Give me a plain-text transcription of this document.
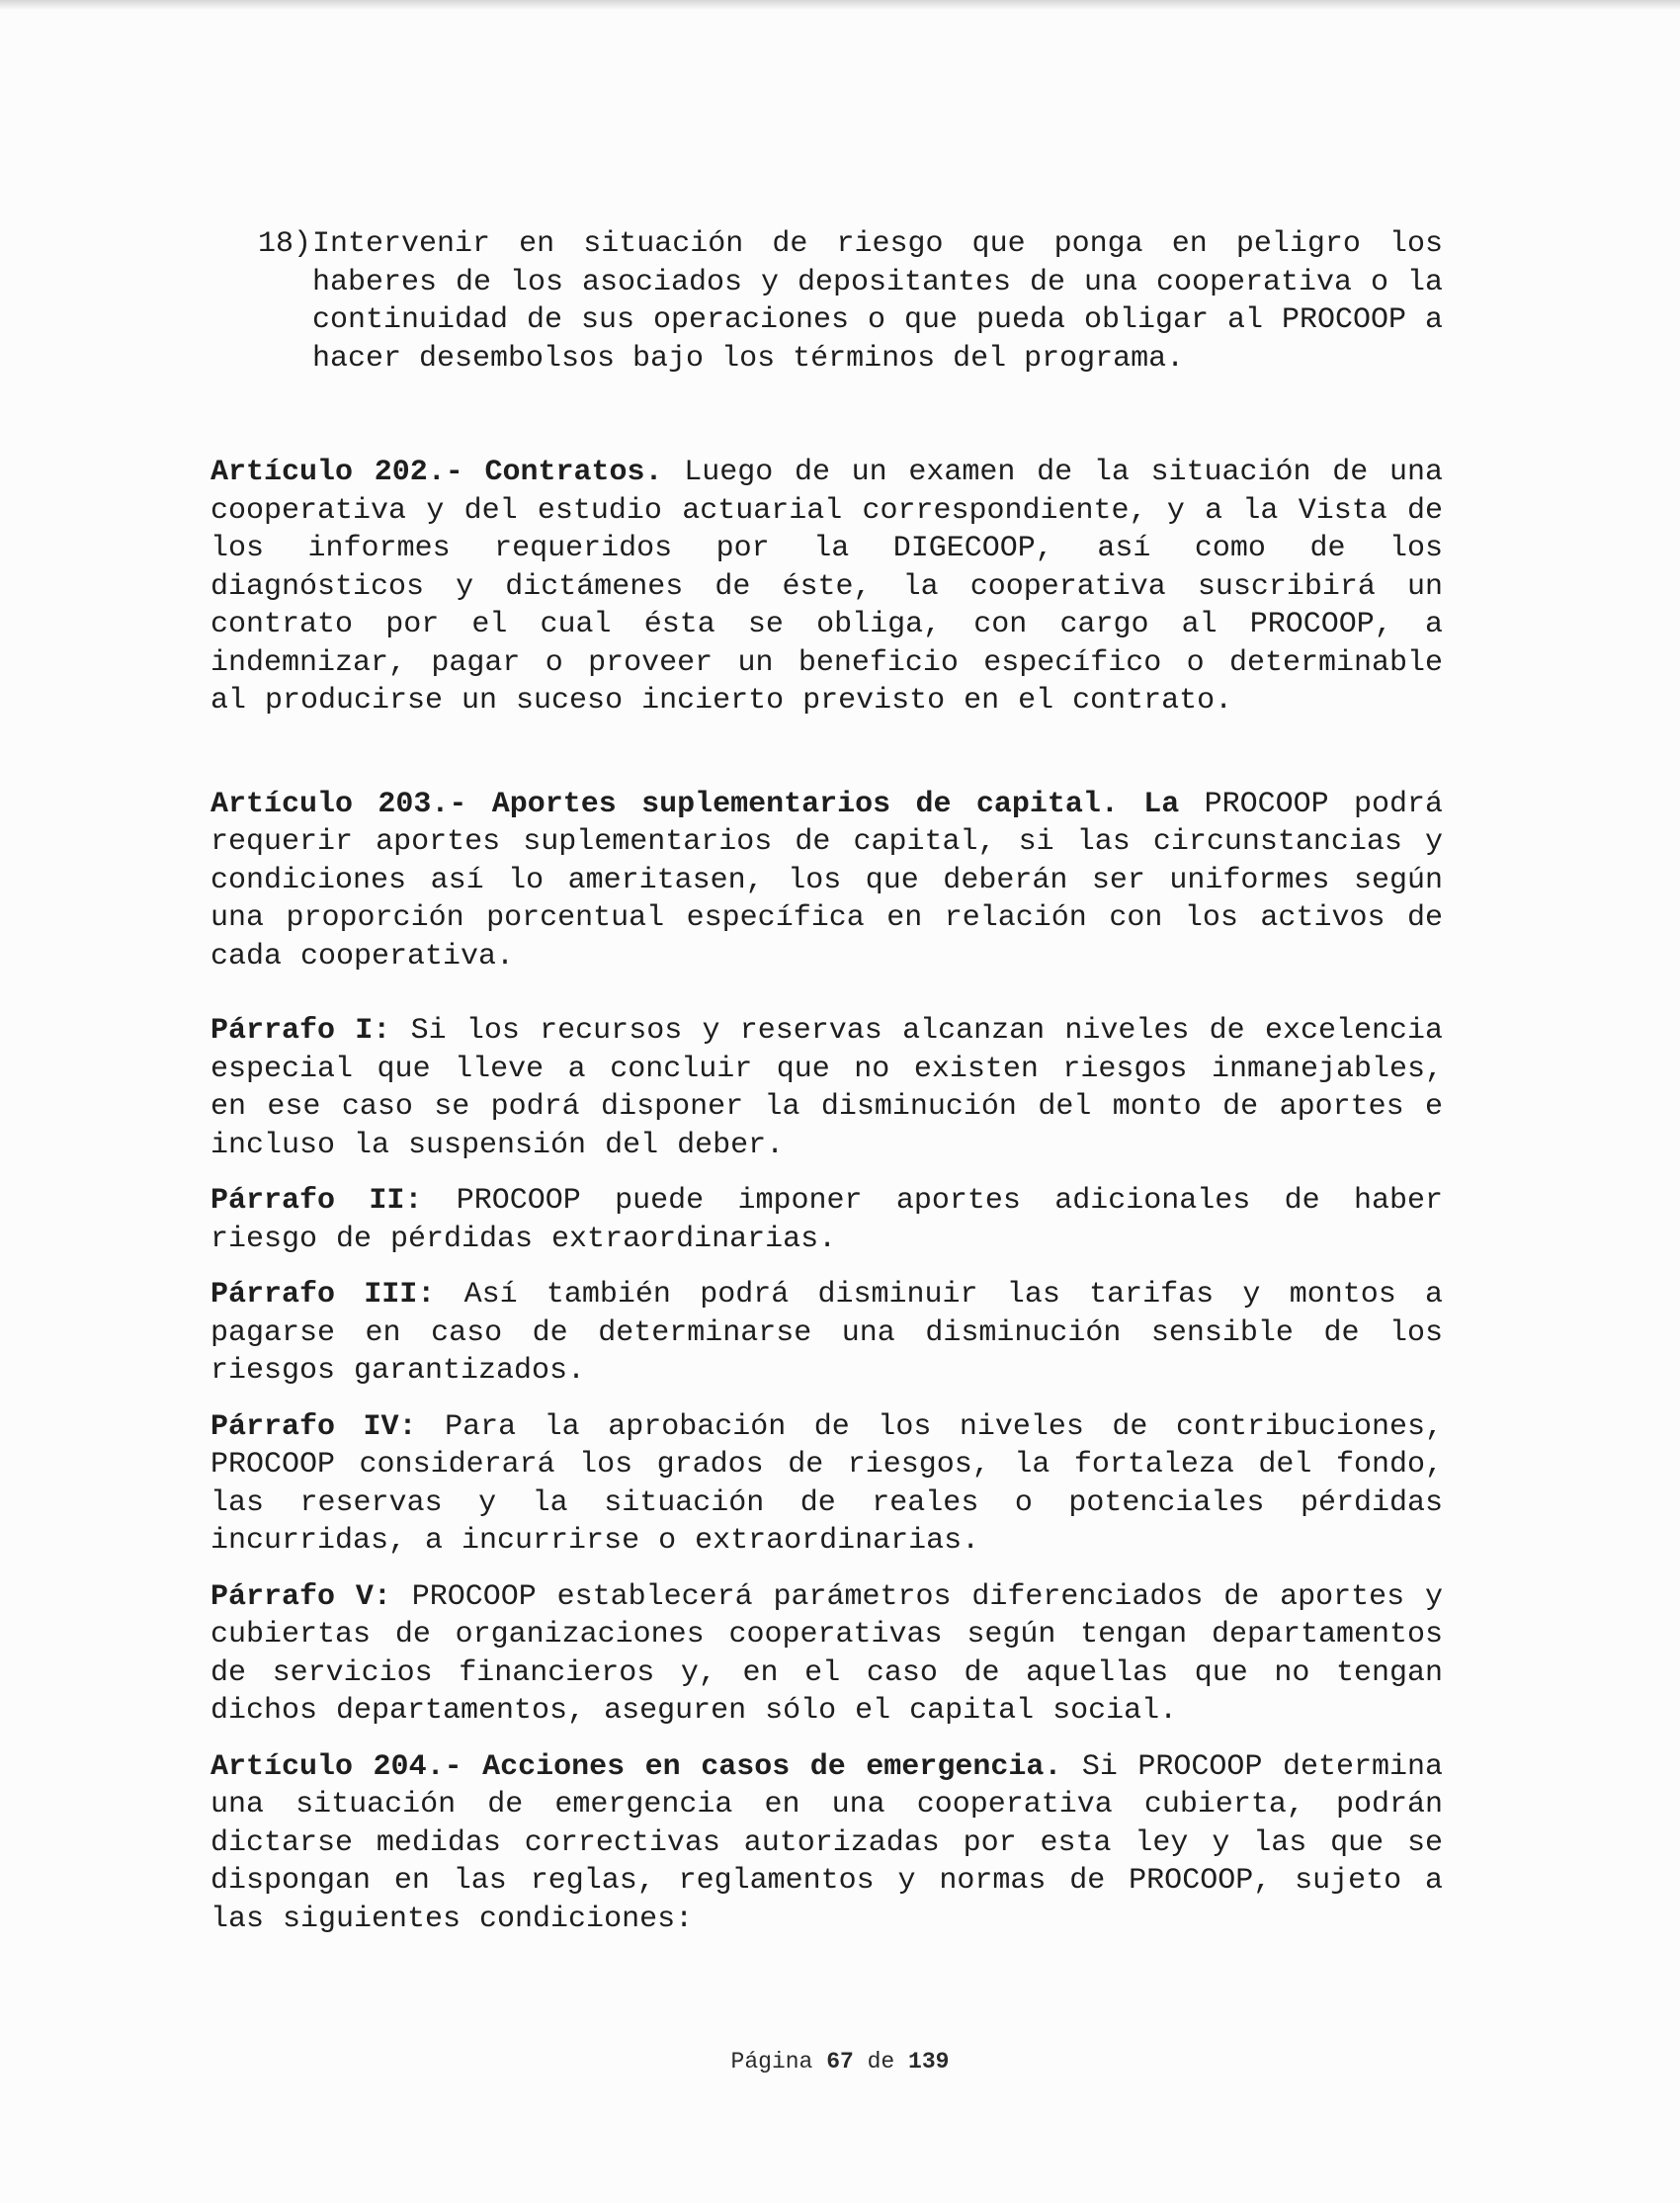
18) Intervenir en situación de riesgo que ponga en peligro los haberes de los asociados y depositantes de una cooperativa o la continuidad de sus operaciones o que pueda obligar al PROCOOP a hacer desembolsos bajo los términos del programa.

Artículo 202.- Contratos. Luego de un examen de la situación de una cooperativa y del estudio actuarial correspondiente, y a la Vista de los informes requeridos por la DIGECOOP, así como de los diagnósticos y dictámenes de éste, la cooperativa suscribirá un contrato por el cual ésta se obliga, con cargo al PROCOOP, a indemnizar, pagar o proveer un beneficio específico o determinable al producirse un suceso incierto previsto en el contrato.

Artículo 203.- Aportes suplementarios de capital. La PROCOOP podrá requerir aportes suplementarios de capital, si las circunstancias y condiciones así lo ameritasen, los que deberán ser uniformes según una proporción porcentual específica en relación con los activos de cada cooperativa.

Párrafo I: Si los recursos y reservas alcanzan niveles de excelencia especial que lleve a concluir que no existen riesgos inmanejables, en ese caso se podrá disponer la disminución del monto de aportes e incluso la suspensión del deber.

Párrafo II: PROCOOP puede imponer aportes adicionales de haber riesgo de pérdidas extraordinarias.

Párrafo III: Así también podrá disminuir las tarifas y montos a pagarse en caso de determinarse una disminución sensible de los riesgos garantizados.

Párrafo IV: Para la aprobación de los niveles de contribuciones, PROCOOP considerará los grados de riesgos, la fortaleza del fondo, las reservas y la situación de reales o potenciales pérdidas incurridas, a incurrirse o extraordinarias.

Párrafo V: PROCOOP establecerá parámetros diferenciados de aportes y cubiertas de organizaciones cooperativas según tengan departamentos de servicios financieros y, en el caso de aquellas que no tengan dichos departamentos, aseguren sólo el capital social.

Artículo 204.- Acciones en casos de emergencia. Si PROCOOP determina una situación de emergencia en una cooperativa cubierta, podrán dictarse medidas correctivas autorizadas por esta ley y las que se dispongan en las reglas, reglamentos y normas de PROCOOP, sujeto a las siguientes condiciones:

Página 67 de 139
